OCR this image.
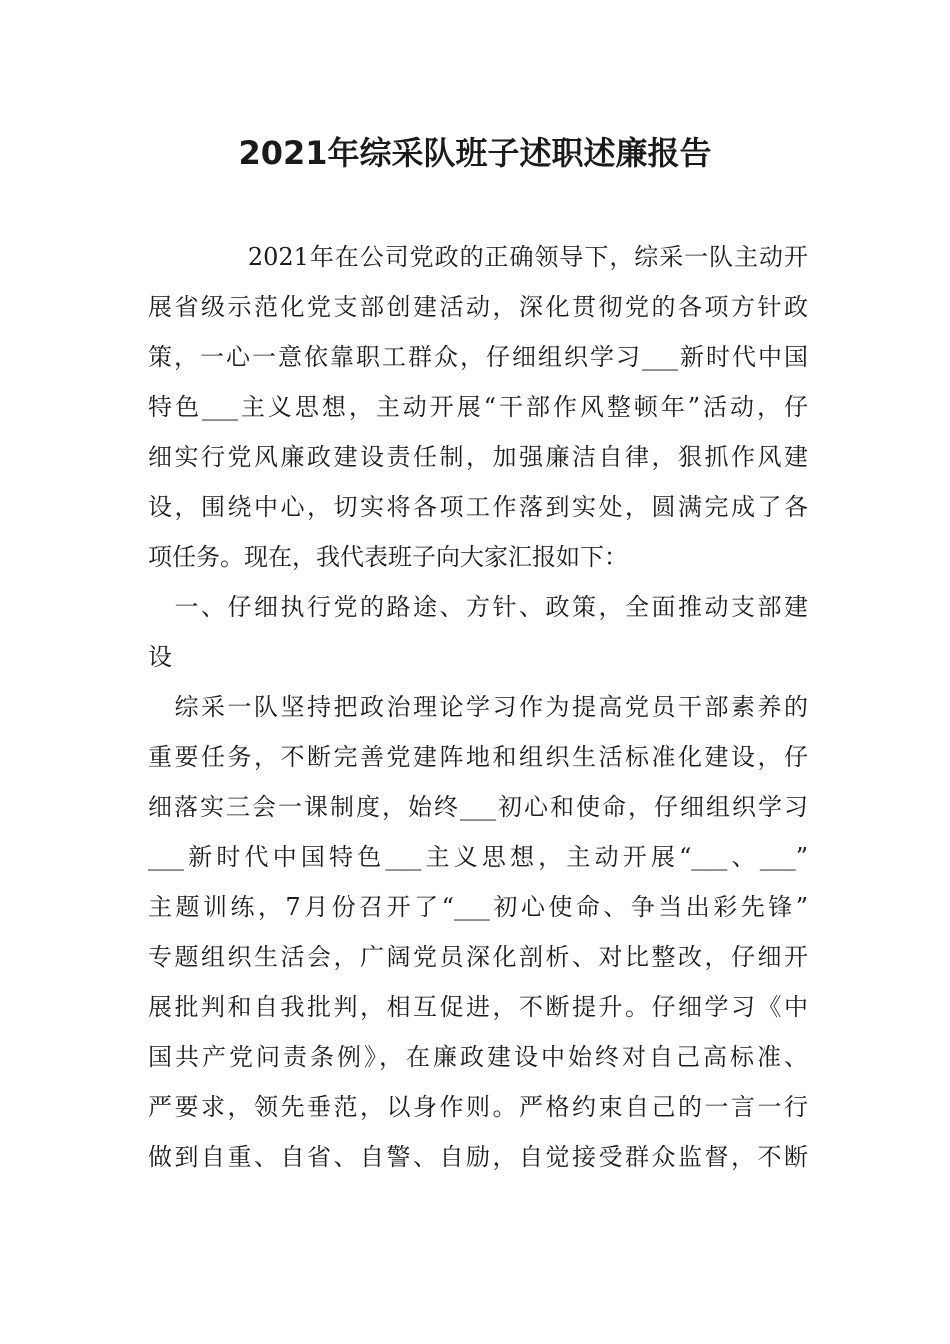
2021年综采队班子述职述廉报告
　　　　2021年在公司党政的正确领导下，综采一队主动开
展省级示范化党支部创建活动，深化贯彻党的各项方针政
策，一心一意依靠职工群众，仔细组织学习___新时代中国
特色___主义思想，主动开展“干部作风整顿年”活动，仔
细实行党风廉政建设责任制，加强廉洁自律，狠抓作风建
设，围绕中心，切实将各项工作落到实处，圆满完成了各
项任务。现在，我代表班子向大家汇报如下：
　一、仔细执行党的路途、方针、政策，全面推动支部建
设
　综采一队坚持把政治理论学习作为提高党员干部素养的
重要任务，不断完善党建阵地和组织生活标准化建设，仔
细落实三会一课制度，始终___初心和使命，仔细组织学习
___新时代中国特色___主义思想，主动开展“___、___”
主题训练，7月份召开了“___初心使命、争当出彩先锋”
专题组织生活会，广阔党员深化剖析、对比整改，仔细开
展批判和自我批判，相互促进，不断提升。仔细学习《中
国共产党问责条例》，在廉政建设中始终对自己高标准、
严要求，领先垂范，以身作则。严格约束自己的一言一行
做到自重、自省、自警、自励，自觉接受群众监督，不断
